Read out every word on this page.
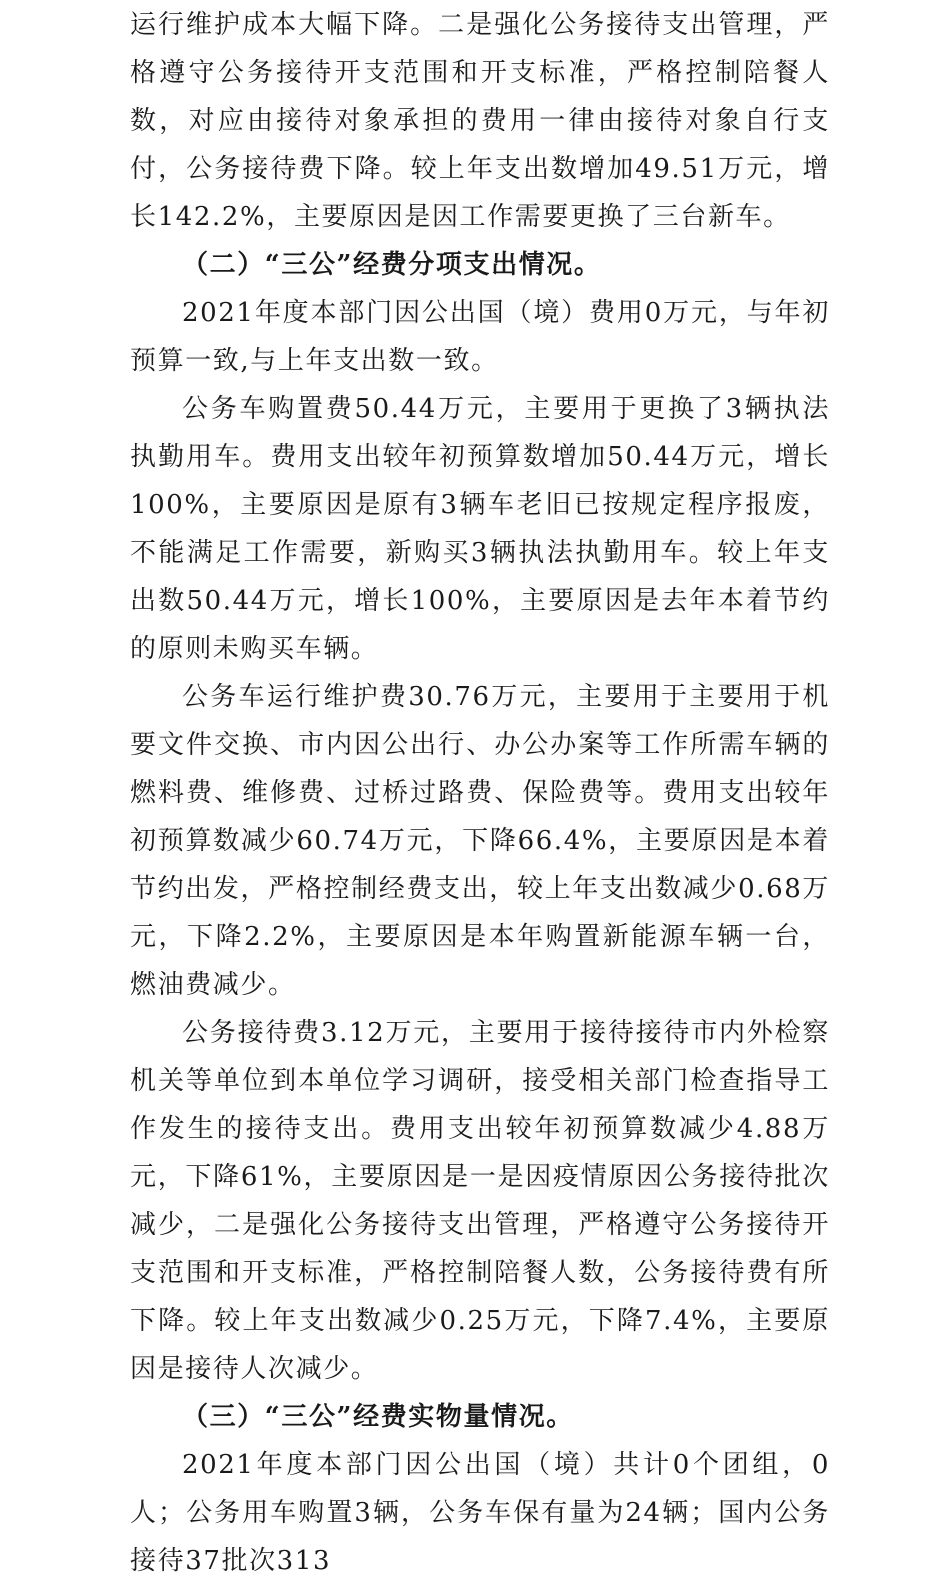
运行维护成本大幅下降。二是强化公务接待支出管理，严格遵守公务接待开支范围和开支标准，严格控制陪餐人数，对应由接待对象承担的费用一律由接待对象自行支付，公务接待费下降。较上年支出数增加49.51万元，增长142.2%，主要原因是因工作需要更换了三台新车。

（二）“三公”经费分项支出情况。

2021年度本部门因公出国（境）费用0万元，与年初预算一致,与上年支出数一致。

公务车购置费50.44万元，主要用于更换了3辆执法执勤用车。费用支出较年初预算数增加50.44万元，增长100%，主要原因是原有3辆车老旧已按规定程序报废，不能满足工作需要，新购买3辆执法执勤用车。较上年支出数50.44万元，增长100%，主要原因是去年本着节约的原则未购买车辆。

公务车运行维护费30.76万元，主要用于主要用于机要文件交换、市内因公出行、办公办案等工作所需车辆的燃料费、维修费、过桥过路费、保险费等。费用支出较年初预算数减少60.74万元，下降66.4%，主要原因是本着节约出发，严格控制经费支出，较上年支出数减少0.68万元，下降2.2%，主要原因是本年购置新能源车辆一台，燃油费减少。

公务接待费3.12万元，主要用于接待接待市内外检察机关等单位到本单位学习调研，接受相关部门检查指导工作发生的接待支出。费用支出较年初预算数减少4.88万元，下降61%，主要原因是一是因疫情原因公务接待批次减少，二是强化公务接待支出管理，严格遵守公务接待开支范围和开支标准，严格控制陪餐人数，公务接待费有所下降。较上年支出数减少0.25万元，下降7.4%，主要原因是接待人次减少。

（三）“三公”经费实物量情况。

2021年度本部门因公出国（境）共计0个团组，0人；公务用车购置3辆，公务车保有量为24辆；国内公务接待37批次313
